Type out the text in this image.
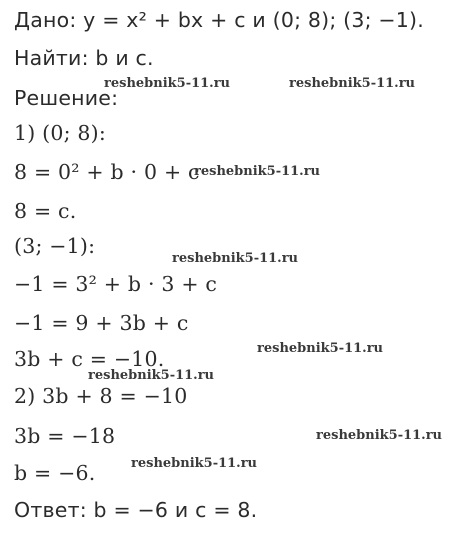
Дано: y = x² + bx + c и (0; 8); (3; −1).
Найти: b и c.
Решение:
1) (0; 8):
8 = 0² + b · 0 + c
8 = c.
(3; −1):
−1 = 3² + b · 3 + c
−1 = 9 + 3b + c
3b + c = −10.
2) 3b + 8 = −10
3b = −18
b = −6.
Ответ: b = −6 и c = 8.
reshebnik5-11.ru	reshebnik5-11.ru
reshebnik5-11.ru
reshebnik5-11.ru
reshebnik5-11.ru
reshebnik5-11.ru
reshebnik5-11.ru
reshebnik5-11.ru
